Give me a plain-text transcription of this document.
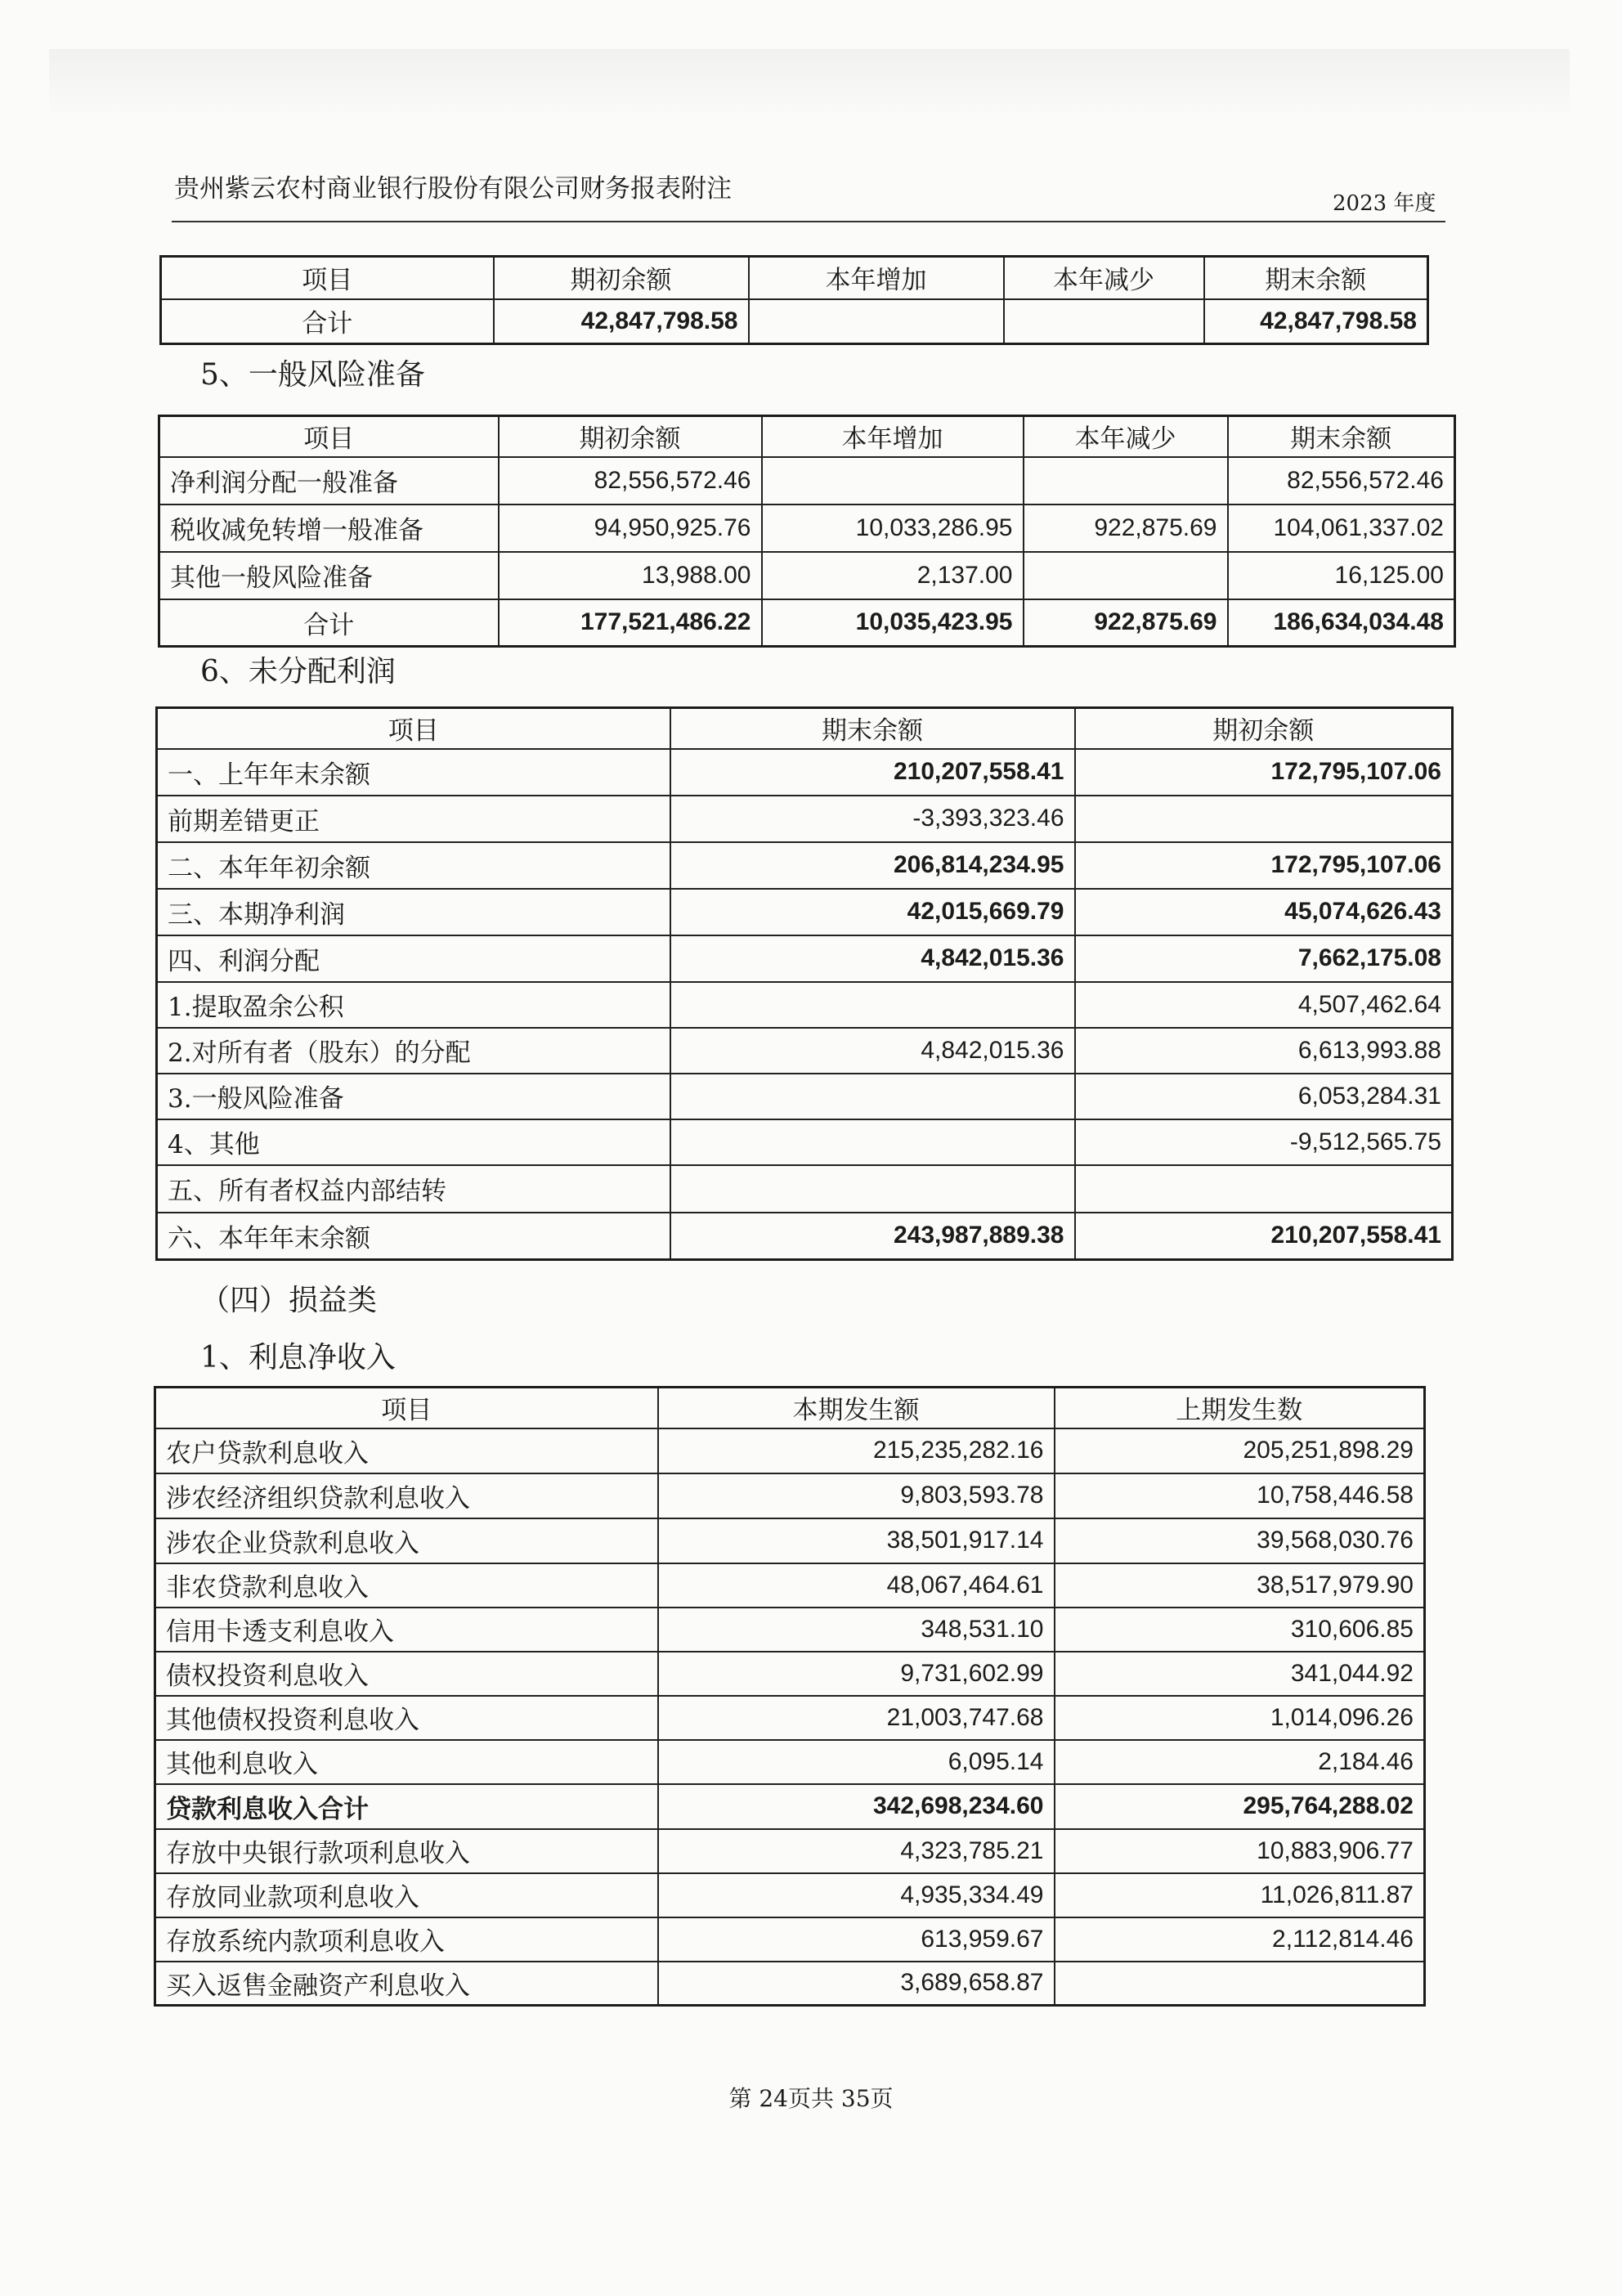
贵州紫云农村商业银行股份有限公司财务报表附注	2023 年度
项目	期初余额	本年增加	本年减少	期末余额
合计	42,847,798.58			42,847,798.58
5、一般风险准备
项目	期初余额	本年增加	本年减少	期末余额
净利润分配一般准备	82,556,572.46			82,556,572.46
税收减免转增一般准备	94,950,925.76	10,033,286.95	922,875.69	104,061,337.02
其他一般风险准备	13,988.00	2,137.00		16,125.00
合计	177,521,486.22	10,035,423.95	922,875.69	186,634,034.48
6、未分配利润
项目	期末余额	期初余额
一、上年年末余额	210,207,558.41	172,795,107.06
前期差错更正	-3,393,323.46	
二、本年年初余额	206,814,234.95	172,795,107.06
三、本期净利润	42,015,669.79	45,074,626.43
四、利润分配	4,842,015.36	7,662,175.08
1.提取盈余公积		4,507,462.64
2.对所有者（股东）的分配	4,842,015.36	6,613,993.88
3.一般风险准备		6,053,284.31
4、其他		-9,512,565.75
五、所有者权益内部结转		
六、本年年末余额	243,987,889.38	210,207,558.41
（四）损益类
1、利息净收入
项目	本期发生额	上期发生数
农户贷款利息收入	215,235,282.16	205,251,898.29
涉农经济组织贷款利息收入	9,803,593.78	10,758,446.58
涉农企业贷款利息收入	38,501,917.14	39,568,030.76
非农贷款利息收入	48,067,464.61	38,517,979.90
信用卡透支利息收入	348,531.10	310,606.85
债权投资利息收入	9,731,602.99	341,044.92
其他债权投资利息收入	21,003,747.68	1,014,096.26
其他利息收入	6,095.14	2,184.46
贷款利息收入合计	342,698,234.60	295,764,288.02
存放中央银行款项利息收入	4,323,785.21	10,883,906.77
存放同业款项利息收入	4,935,334.49	11,026,811.87
存放系统内款项利息收入	613,959.67	2,112,814.46
买入返售金融资产利息收入	3,689,658.87	
第 24页共 35页
